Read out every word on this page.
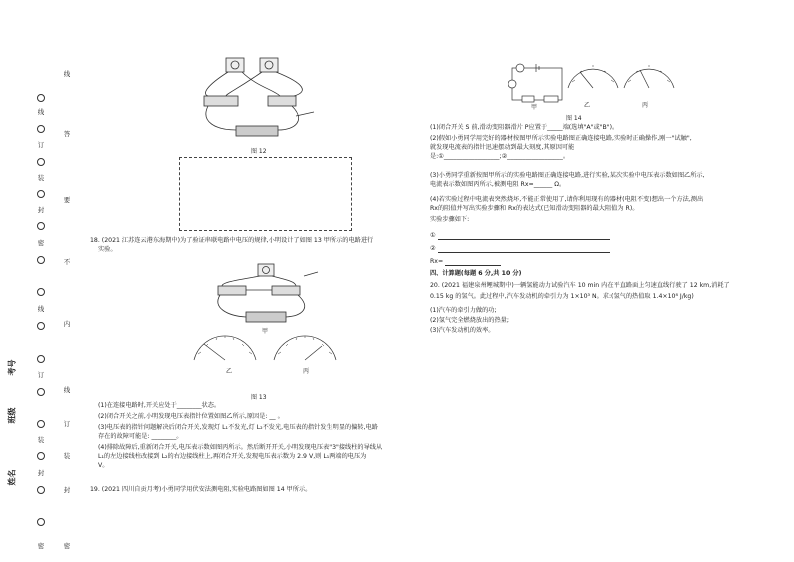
线
订
装
封
密
线
订
装
封
密
线
答
要
不
内
线
订
装
封
密
考号
班级
姓名
图 12
18. (2021 江苏连云港东海期中)为了验证串联电路中电压的规律,小明设计了如图 13 甲所示的电路进行
实验。
甲
乙	丙
图 13
(1)在连接电路时,开关应处于________状态。
(2)闭合开关之前,小明发现电压表指针位置如图乙所示,原因是: __ 。
(3)电压表的指针问题解决后闭合开关,发现灯 L₁不发光,灯 L₂不发光,电压表的指针发生明显的偏转,电路
存在的故障可能是: ________。
(4)排除故障后,重新闭合开关,电压表示数如图丙所示。然后断开开关,小明发现电压表"3"接线柱的导线从
L₁的左边接线柱改接到 L₂的右边接线柱上,再闭合开关,发现电压表示数为 2.9 V,则 L₁两端的电压为
V。
19. (2021 四川自贡月考)小勇同学用伏安法测电阻,实验电路图如图 14 甲所示。
甲	乙	丙
图 14
(1)闭合开关 S 前,滑动变阻器滑片 P应置于_____端(选填"A"或"B")。
(2)假如小勇同学用完好的器材按图甲所示实验电路图正确连接电路,实验时正确操作,刚一"试触",
就发现电流表的指针迅速摆动到最大刻度,其原因可能
是:①__________________;②__________________。
(3)小勇同学重新按图甲所示的实验电路图正确连接电路,进行实验,某次实验中电压表示数如图乙所示,
电流表示数如图丙所示,被测电阻 Rx=______ Ω。
(4)若实验过程中电流表突然烧坏,不能正常使用了,请你利用现有的器材(电阻不变)想出一个方法,测出
Rx的阻值并写出实验步骤和 Rx的表达式(已知滑动变阻器的最大阻值为 R)。
实验步骤如下:
①
②
Rx=
四、计算题(每题 6 分,共 10 分)
20. (2021 福建泉州鲤城期中)一辆氢能动力试验汽车 10 min 内在平直路面上匀速直线行驶了 12 km,消耗了
0.15 kg 的氢气。此过程中,汽车发动机的牵引力为 1×10³ N。求:(氢气的热值取 1.4×10⁸ J/kg)
(1)汽车的牵引力做的功;
(2)氢气完全燃烧放出的热量;
(3)汽车发动机的效率。
